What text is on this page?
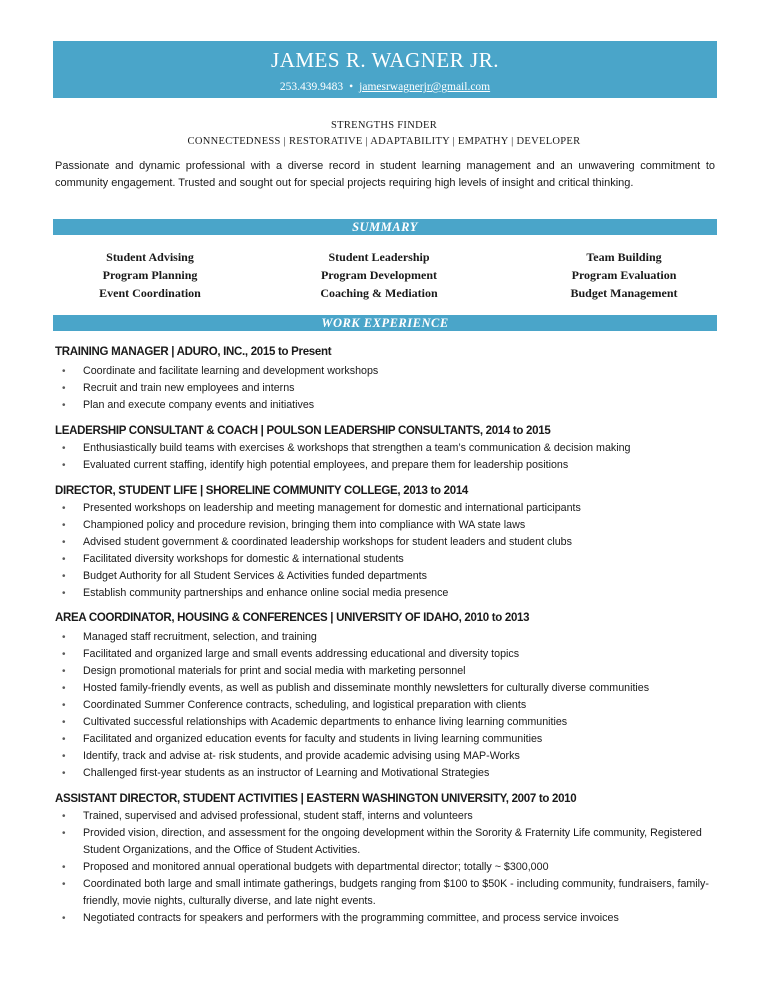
JAMES R. WAGNER JR.
253.439.9483 • jamesrwagnerjr@gmail.com
STRENGTHS FINDER
CONNECTEDNESS | RESTORATIVE | ADAPTABILITY | EMPATHY | DEVELOPER
Passionate and dynamic professional with a diverse record in student learning management and an unwavering commitment to community engagement. Trusted and sought out for special projects requiring high levels of insight and critical thinking.
SUMMARY
Student Advising
Program Planning
Event Coordination
Student Leadership
Program Development
Coaching & Mediation
Team Building
Program Evaluation
Budget Management
WORK EXPERIENCE
TRAINING MANAGER | ADURO, INC., 2015 to Present
• Coordinate and facilitate learning and development workshops
• Recruit and train new employees and interns
• Plan and execute company events and initiatives
LEADERSHIP CONSULTANT & COACH | POULSON LEADERSHIP CONSULTANTS, 2014 to 2015
• Enthusiastically build teams with exercises & workshops that strengthen a team’s communication & decision making
• Evaluated current staffing, identify high potential employees, and prepare them for leadership positions
DIRECTOR, STUDENT LIFE | SHORELINE COMMUNITY COLLEGE, 2013 to 2014
• Presented workshops on leadership and meeting management for domestic and international participants
• Championed policy and procedure revision, bringing them into compliance with WA state laws
• Advised student government & coordinated leadership workshops for student leaders and student clubs
• Facilitated diversity workshops for domestic & international students
• Budget Authority for all Student Services & Activities funded departments
• Establish community partnerships and enhance online social media presence
AREA COORDINATOR, HOUSING & CONFERENCES | UNIVERSITY OF IDAHO, 2010 to 2013
• Managed staff recruitment, selection, and training
• Facilitated and organized large and small events addressing educational and diversity topics
• Design promotional materials for print and social media with marketing personnel
• Hosted family-friendly events, as well as publish and disseminate monthly newsletters for culturally diverse communities
• Coordinated Summer Conference contracts, scheduling, and logistical preparation with clients
• Cultivated successful relationships with Academic departments to enhance living learning communities
• Facilitated and organized education events for faculty and students in living learning communities
• Identify, track and advise at- risk students, and provide academic advising using MAP-Works
• Challenged first-year students as an instructor of Learning and Motivational Strategies
ASSISTANT DIRECTOR, STUDENT ACTIVITIES | EASTERN WASHINGTON UNIVERSITY, 2007 to 2010
• Trained, supervised and advised professional, student staff, interns and volunteers
• Provided vision, direction, and assessment for the ongoing development within the Sorority & Fraternity Life community, Registered Student Organizations, and the Office of Student Activities.
• Proposed and monitored annual operational budgets with departmental director; totally ~ $300,000
• Coordinated both large and small intimate gatherings, budgets ranging from $100 to $50K - including community, fundraisers, family-friendly, movie nights, culturally diverse, and late night events.
• Negotiated contracts for speakers and performers with the programming committee, and process service invoices
